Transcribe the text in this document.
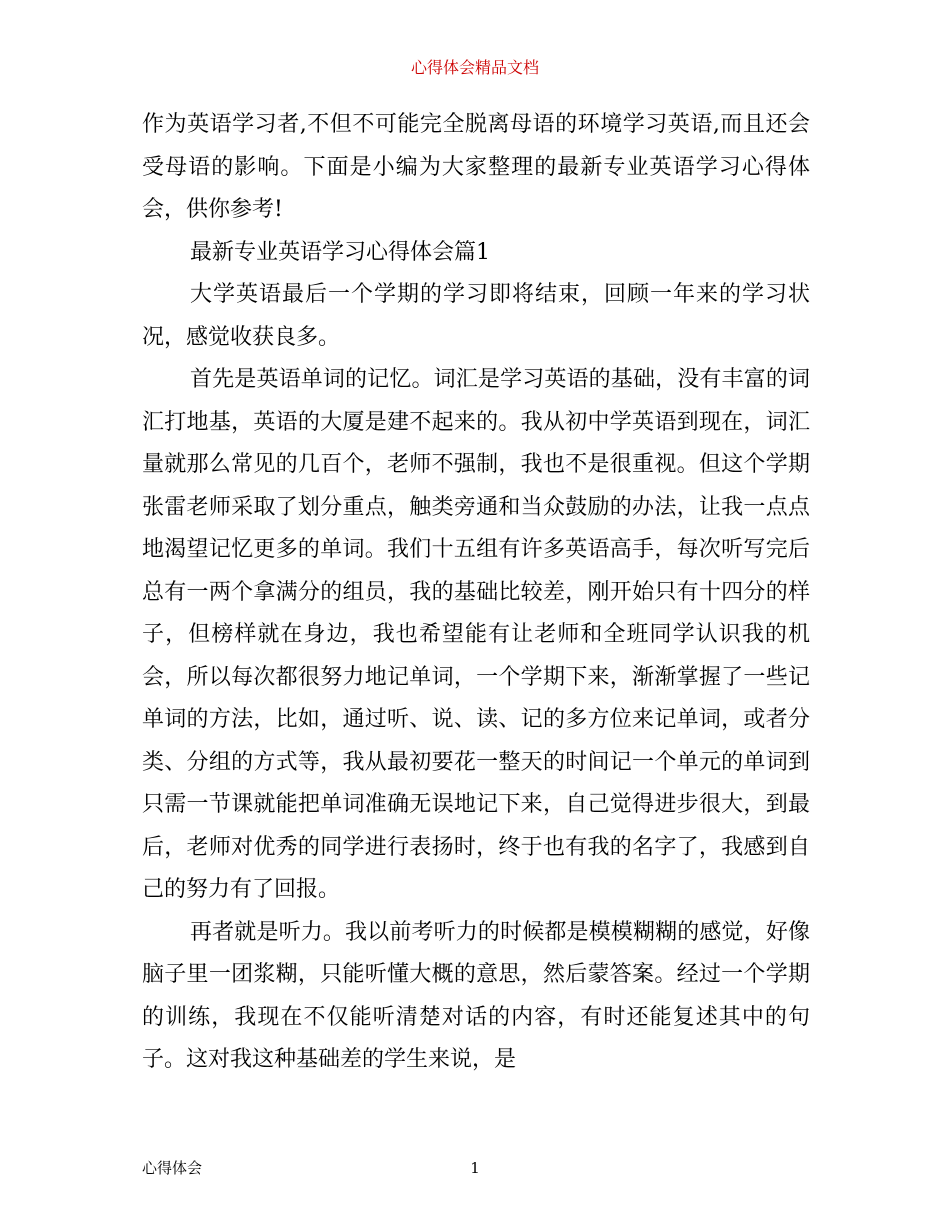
心得体会精品文档

作为英语学习者,不但不可能完全脱离母语的环境学习英语,而且还会受母语的影响。下面是小编为大家整理的最新专业英语学习心得体会，供你参考!

最新专业英语学习心得体会篇1

大学英语最后一个学期的学习即将结束，回顾一年来的学习状况，感觉收获良多。

首先是英语单词的记忆。词汇是学习英语的基础，没有丰富的词汇打地基，英语的大厦是建不起来的。我从初中学英语到现在，词汇量就那么常见的几百个，老师不强制，我也不是很重视。但这个学期张雷老师采取了划分重点，触类旁通和当众鼓励的办法，让我一点点地渴望记忆更多的单词。我们十五组有许多英语高手，每次听写完后总有一两个拿满分的组员，我的基础比较差，刚开始只有十四分的样子，但榜样就在身边，我也希望能有让老师和全班同学认识我的机会，所以每次都很努力地记单词，一个学期下来，渐渐掌握了一些记单词的方法，比如，通过听、说、读、记的多方位来记单词，或者分类、分组的方式等，我从最初要花一整天的时间记一个单元的单词到只需一节课就能把单词准确无误地记下来，自己觉得进步很大，到最后，老师对优秀的同学进行表扬时，终于也有我的名字了，我感到自己的努力有了回报。

再者就是听力。我以前考听力的时候都是模模糊糊的感觉，好像脑子里一团浆糊，只能听懂大概的意思，然后蒙答案。经过一个学期的训练，我现在不仅能听清楚对话的内容，有时还能复述其中的句子。这对我这种基础差的学生来说，是

心得体会	1
